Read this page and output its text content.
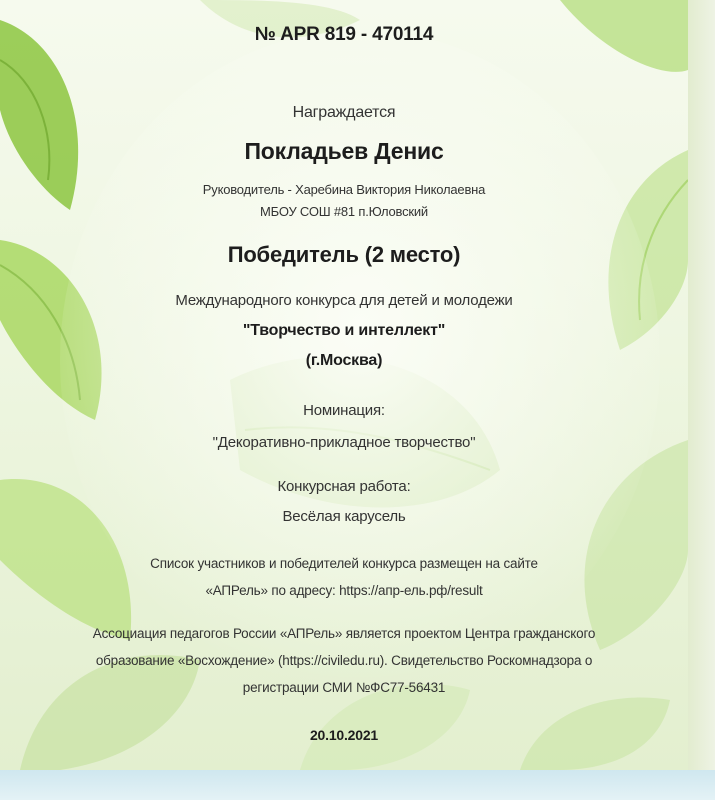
№ APR 819 - 470114
Награждается
Покладьев Денис
Руководитель - Харебина Виктория Николаевна
МБОУ СОШ #81 п.Юловский
Победитель (2 место)
Международного конкурса для детей и молодежи
"Творчество и интеллект"
(г.Москва)
Номинация:
"Декоративно-прикладное творчество"
Конкурсная работа:
Весёлая карусель
Список участников и победителей конкурса размещен на сайте
«АПРель» по адресу: https://апр-ель.рф/result
Ассоциация педагогов России «АПРель» является проектом Центра гражданского
образование «Восхождение» (https://civiledu.ru). Свидетельство Роскомнадзора о
регистрации СМИ №ФС77-56431
20.10.2021
